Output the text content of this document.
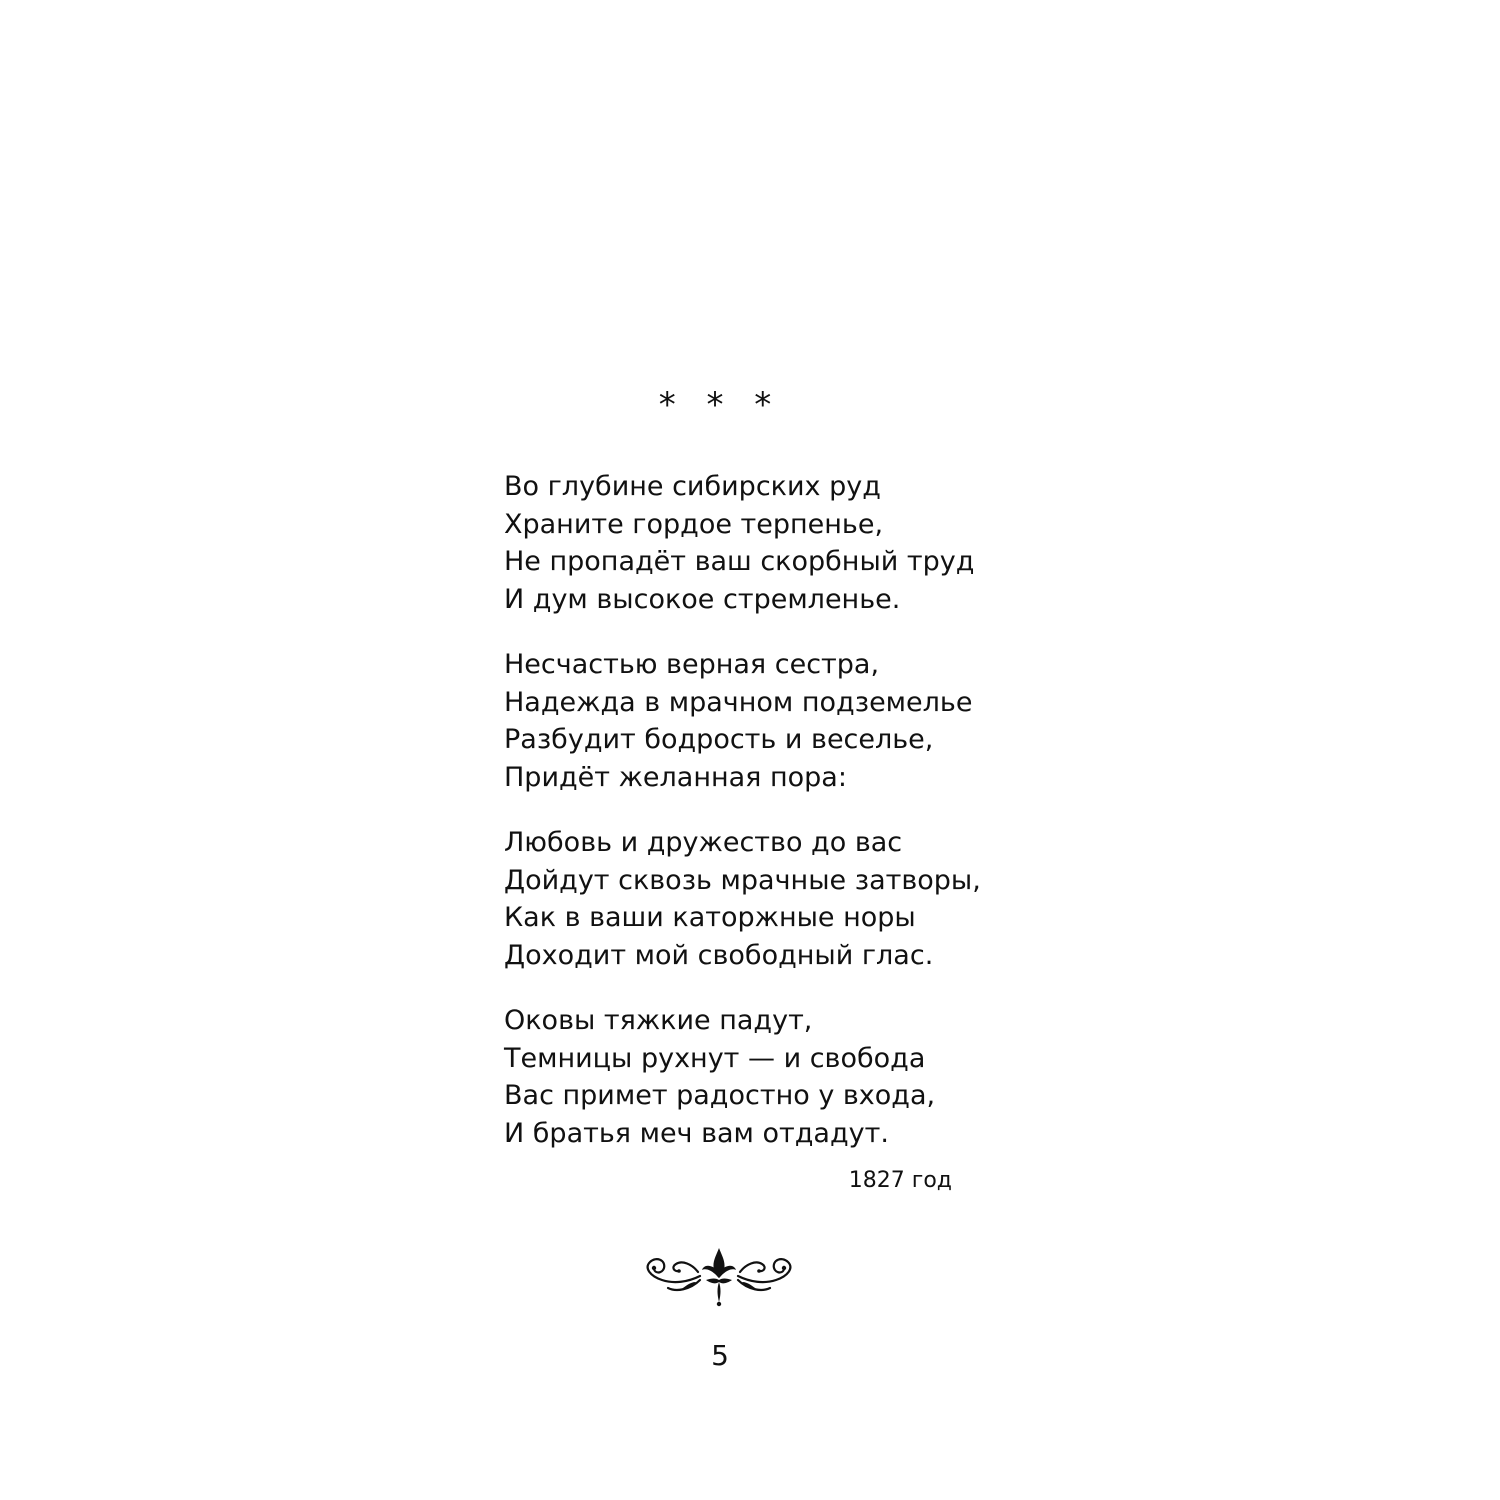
* * *
Во глубине сибирских руд
Храните гордое терпенье,
Не пропадёт ваш скорбный труд
И дум высокое стремленье.
Несчастью верная сестра,
Надежда в мрачном подземелье
Разбудит бодрость и веселье,
Придёт желанная пора:
Любовь и дружество до вас
Дойдут сквозь мрачные затворы,
Как в ваши каторжные норы
Доходит мой свободный глас.
Оковы тяжкие падут,
Темницы рухнут — и свобода
Вас примет радостно у входа,
И братья меч вам отдадут.
1827 год
5
